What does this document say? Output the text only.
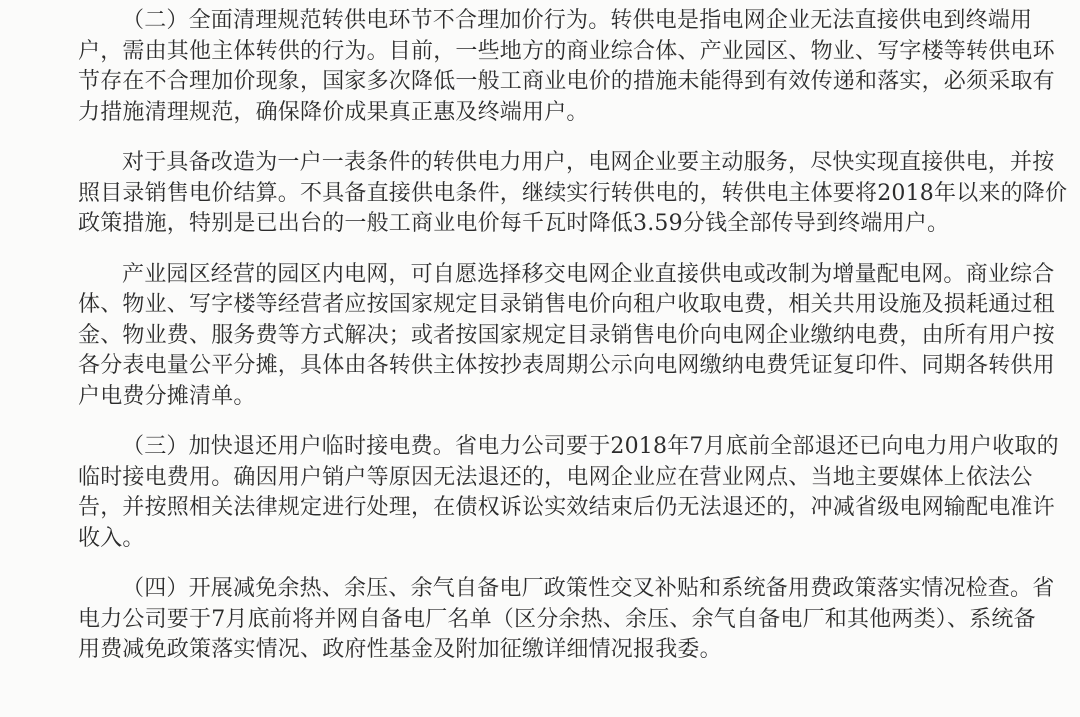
（二）全面清理规范转供电环节不合理加价行为。转供电是指电网企业无法直接供电到终端用
户，需由其他主体转供的行为。目前，一些地方的商业综合体、产业园区、物业、写字楼等转供电环
节存在不合理加价现象，国家多次降低一般工商业电价的措施未能得到有效传递和落实，必须采取有
力措施清理规范，确保降价成果真正惠及终端用户。

对于具备改造为一户一表条件的转供电力用户，电网企业要主动服务，尽快实现直接供电，并按
照目录销售电价结算。不具备直接供电条件，继续实行转供电的，转供电主体要将2018年以来的降价
政策措施，特别是已出台的一般工商业电价每千瓦时降低3.59分钱全部传导到终端用户。

产业园区经营的园区内电网，可自愿选择移交电网企业直接供电或改制为增量配电网。商业综合
体、物业、写字楼等经营者应按国家规定目录销售电价向租户收取电费，相关共用设施及损耗通过租
金、物业费、服务费等方式解决；或者按国家规定目录销售电价向电网企业缴纳电费，由所有用户按
各分表电量公平分摊，具体由各转供主体按抄表周期公示向电网缴纳电费凭证复印件、同期各转供用
户电费分摊清单。

（三）加快退还用户临时接电费。省电力公司要于2018年7月底前全部退还已向电力用户收取的
临时接电费用。确因用户销户等原因无法退还的，电网企业应在营业网点、当地主要媒体上依法公
告，并按照相关法律规定进行处理，在债权诉讼实效结束后仍无法退还的，冲减省级电网输配电准许
收入。

（四）开展减免余热、余压、余气自备电厂政策性交叉补贴和系统备用费政策落实情况检查。省
电力公司要于7月底前将并网自备电厂名单（区分余热、余压、余气自备电厂和其他两类）、系统备
用费减免政策落实情况、政府性基金及附加征缴详细情况报我委。
